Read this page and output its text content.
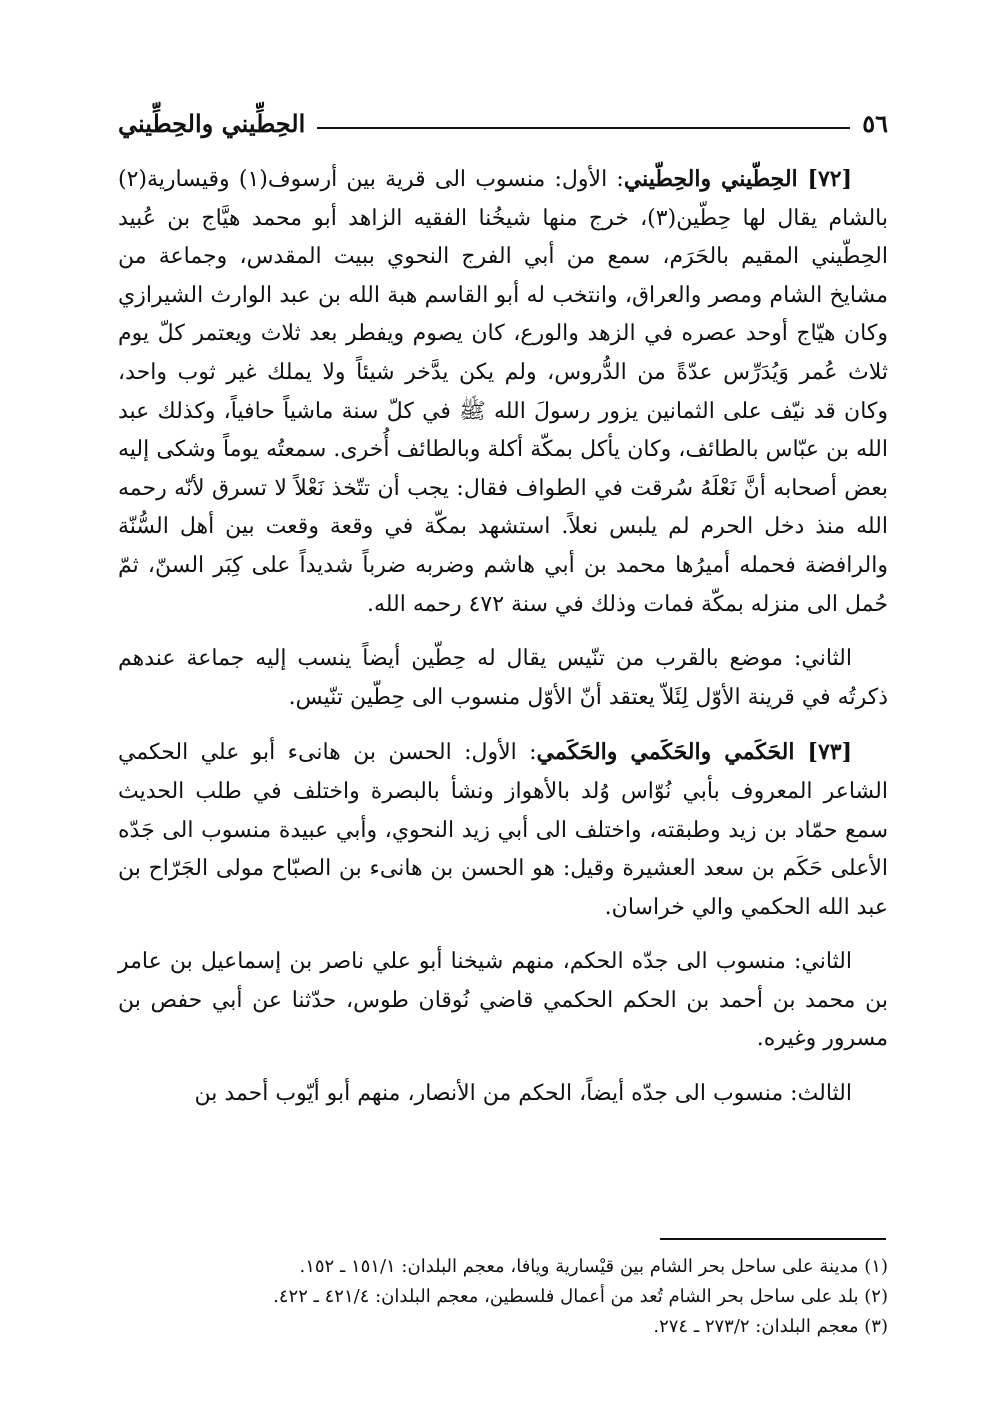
٥٦
الحِطِّيني والحِطِّيني

[٧٢] الحِطّيني والحِطّيني: الأول: منسوب الى قرية بين أرسوف(١) وقيسارية(٢) بالشام يقال لها حِطّين(٣)، خرج منها شيخُنا الفقيه الزاهد أبو محمد هيَّاج بن عُبيد الحِطّيني المقيم بالحَرَم، سمع من أبي الفرج النحوي ببيت المقدس، وجماعة من مشايخ الشام ومصر والعراق، وانتخب له أبو القاسم هبة الله بن عبد الوارث الشيرازي وكان هيّاج أوحد عصره في الزهد والورع، كان يصوم ويفطر بعد ثلاث ويعتمر كلّ يوم ثلاث عُمر وَيُدَرِّس عدّةً من الدُّروس، ولم يكن يدَّخر شيئاً ولا يملك غير ثوب واحد، وكان قد نيّف على الثمانين يزور رسولَ الله ﷺ في كلّ سنة ماشياً حافياً، وكذلك عبد الله بن عبّاس بالطائف، وكان يأكل بمكّة أكلة وبالطائف أُخرى. سمعتُه يوماً وشكى إليه بعض أصحابه أنَّ نَعْلَهُ سُرقت في الطواف فقال: يجب أن تتّخذ نَعْلاً لا تسرق لأنّه رحمه الله منذ دخل الحرم لم يلبس نعلاً. استشهد بمكّة في وقعة وقعت بين أهل السُّنّة والرافضة فحمله أميرُها محمد بن أبي هاشم وضربه ضرباً شديداً على كِبَر السنّ، ثمّ حُمل الى منزله بمكّة فمات وذلك في سنة ٤٧٢ رحمه الله.

الثاني: موضع بالقرب من تنّيس يقال له حِطّين أيضاً ينسب إليه جماعة عندهم ذكرتُه في قرينة الأوّل لِئَلاّ يعتقد أنّ الأوّل منسوب الى حِطّين تنّيس.

[٧٣] الحَكَمي والحَكَمي والحَكَمي: الأول: الحسن بن هانىء أبو علي الحكمي الشاعر المعروف بأبي نُوّاس وُلد بالأهواز ونشأ بالبصرة واختلف في طلب الحديث سمع حمّاد بن زيد وطبقته، واختلف الى أبي زيد النحوي، وأبي عبيدة منسوب الى جَدّه الأعلى حَكَم بن سعد العشيرة وقيل: هو الحسن بن هانىء بن الصبّاح مولى الجَرّاح بن عبد الله الحكمي والي خراسان.

الثاني: منسوب الى جدّه الحكم، منهم شيخنا أبو علي ناصر بن إسماعيل بن عامر بن محمد بن أحمد بن الحكم الحكمي قاضي نُوقان طوس، حدّثنا عن أبي حفص بن مسرور وغيره.

الثالث: منسوب الى جدّه أيضاً، الحكم من الأنصار، منهم أبو أيّوب أحمد بن

(١) مدينة على ساحل بحر الشام بين قيْسارية ويافا، معجم البلدان: ١٥١/١ ـ ١٥٢.
(٢) بلد على ساحل بحر الشام تُعد من أعمال فلسطين، معجم البلدان: ٤٢١/٤ ـ ٤٢٢.
(٣) معجم البلدان: ٢٧٣/٢ ـ ٢٧٤.
